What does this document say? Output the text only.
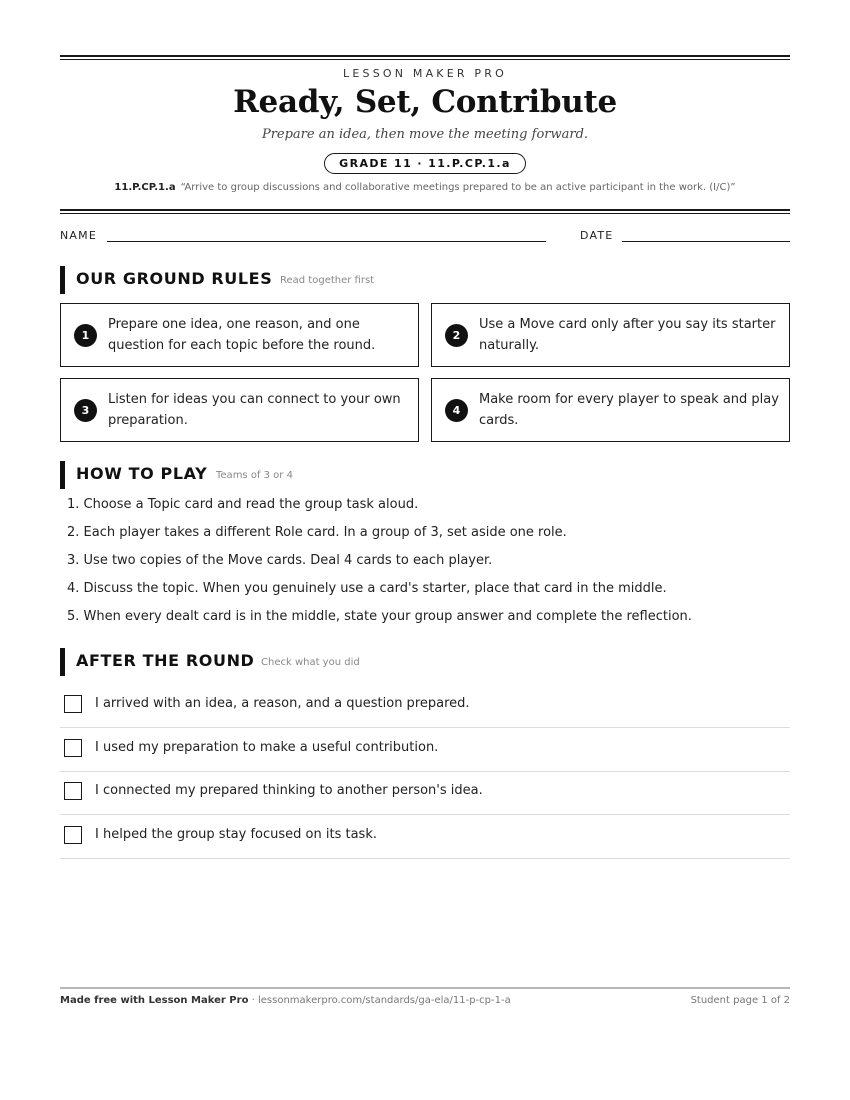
LESSON MAKER PRO
Ready, Set, Contribute
Prepare an idea, then move the meeting forward.
GRADE 11 · 11.P.CP.1.a
11.P.CP.1.a “Arrive to group discussions and collaborative meetings prepared to be an active participant in the work. (I/C)”
NAME	DATE
OUR GROUND RULES Read together first
1
Prepare one idea, one reason, and one question for each topic before the round.
2
Use a Move card only after you say its starter naturally.
3
Listen for ideas you can connect to your own preparation.
4
Make room for every player to speak and play cards.
HOW TO PLAY Teams of 3 or 4
1. Choose a Topic card and read the group task aloud.
2. Each player takes a different Role card. In a group of 3, set aside one role.
3. Use two copies of the Move cards. Deal 4 cards to each player.
4. Discuss the topic. When you genuinely use a card's starter, place that card in the middle.
5. When every dealt card is in the middle, state your group answer and complete the reflection.
AFTER THE ROUND Check what you did
I arrived with an idea, a reason, and a question prepared.
I used my preparation to make a useful contribution.
I connected my prepared thinking to another person's idea.
I helped the group stay focused on its task.
Made free with Lesson Maker Pro · lessonmakerpro.com/standards/ga-ela/11-p-cp-1-a	Student page 1 of 2
